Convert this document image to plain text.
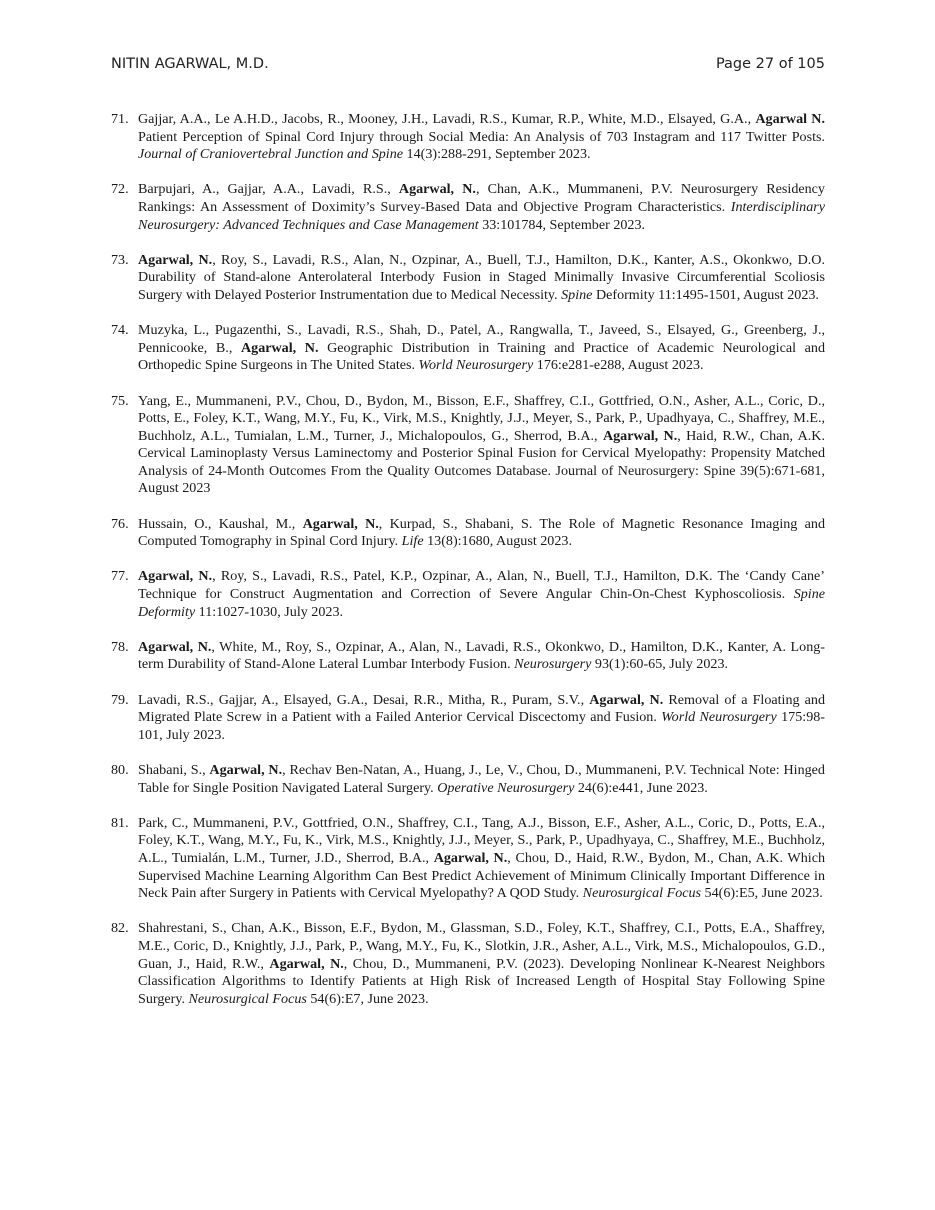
NITIN AGARWAL, M.D.	Page 27 of 105
71. Gajjar, A.A., Le A.H.D., Jacobs, R., Mooney, J.H., Lavadi, R.S., Kumar, R.P., White, M.D., Elsayed, G.A., Agarwal N. Patient Perception of Spinal Cord Injury through Social Media: An Analysis of 703 Instagram and 117 Twitter Posts. Journal of Craniovertebral Junction and Spine 14(3):288-291, September 2023.
72. Barpujari, A., Gajjar, A.A., Lavadi, R.S., Agarwal, N., Chan, A.K., Mummaneni, P.V. Neurosurgery Residency Rankings: An Assessment of Doximity’s Survey-Based Data and Objective Program Characteristics. Interdisciplinary Neurosurgery: Advanced Techniques and Case Management 33:101784, September 2023.
73. Agarwal, N., Roy, S., Lavadi, R.S., Alan, N., Ozpinar, A., Buell, T.J., Hamilton, D.K., Kanter, A.S., Okonkwo, D.O. Durability of Stand-alone Anterolateral Interbody Fusion in Staged Minimally Invasive Circumferential Scoliosis Surgery with Delayed Posterior Instrumentation due to Medical Necessity. Spine Deformity 11:1495-1501, August 2023.
74. Muzyka, L., Pugazenthi, S., Lavadi, R.S., Shah, D., Patel, A., Rangwalla, T., Javeed, S., Elsayed, G., Greenberg, J., Pennicooke, B., Agarwal, N. Geographic Distribution in Training and Practice of Academic Neurological and Orthopedic Spine Surgeons in The United States. World Neurosurgery 176:e281-e288, August 2023.
75. Yang, E., Mummaneni, P.V., Chou, D., Bydon, M., Bisson, E.F., Shaffrey, C.I., Gottfried, O.N., Asher, A.L., Coric, D., Potts, E., Foley, K.T., Wang, M.Y., Fu, K., Virk, M.S., Knightly, J.J., Meyer, S., Park, P., Upadhyaya, C., Shaffrey, M.E., Buchholz, A.L., Tumialan, L.M., Turner, J., Michalopoulos, G., Sherrod, B.A., Agarwal, N., Haid, R.W., Chan, A.K. Cervical Laminoplasty Versus Laminectomy and Posterior Spinal Fusion for Cervical Myelopathy: Propensity Matched Analysis of 24-Month Outcomes From the Quality Outcomes Database. Journal of Neurosurgery: Spine 39(5):671-681, August 2023
76. Hussain, O., Kaushal, M., Agarwal, N., Kurpad, S., Shabani, S. The Role of Magnetic Resonance Imaging and Computed Tomography in Spinal Cord Injury. Life 13(8):1680, August 2023.
77. Agarwal, N., Roy, S., Lavadi, R.S., Patel, K.P., Ozpinar, A., Alan, N., Buell, T.J., Hamilton, D.K. The ‘Candy Cane’ Technique for Construct Augmentation and Correction of Severe Angular Chin-On-Chest Kyphoscoliosis. Spine Deformity 11:1027-1030, July 2023.
78. Agarwal, N., White, M., Roy, S., Ozpinar, A., Alan, N., Lavadi, R.S., Okonkwo, D., Hamilton, D.K., Kanter, A. Long-term Durability of Stand-Alone Lateral Lumbar Interbody Fusion. Neurosurgery 93(1):60-65, July 2023.
79. Lavadi, R.S., Gajjar, A., Elsayed, G.A., Desai, R.R., Mitha, R., Puram, S.V., Agarwal, N. Removal of a Floating and Migrated Plate Screw in a Patient with a Failed Anterior Cervical Discectomy and Fusion. World Neurosurgery 175:98-101, July 2023.
80. Shabani, S., Agarwal, N., Rechav Ben-Natan, A., Huang, J., Le, V., Chou, D., Mummaneni, P.V. Technical Note: Hinged Table for Single Position Navigated Lateral Surgery. Operative Neurosurgery 24(6):e441, June 2023.
81. Park, C., Mummaneni, P.V., Gottfried, O.N., Shaffrey, C.I., Tang, A.J., Bisson, E.F., Asher, A.L., Coric, D., Potts, E.A., Foley, K.T., Wang, M.Y., Fu, K., Virk, M.S., Knightly, J.J., Meyer, S., Park, P., Upadhyaya, C., Shaffrey, M.E., Buchholz, A.L., Tumialán, L.M., Turner, J.D., Sherrod, B.A., Agarwal, N., Chou, D., Haid, R.W., Bydon, M., Chan, A.K. Which Supervised Machine Learning Algorithm Can Best Predict Achievement of Minimum Clinically Important Difference in Neck Pain after Surgery in Patients with Cervical Myelopathy? A QOD Study. Neurosurgical Focus 54(6):E5, June 2023.
82. Shahrestani, S., Chan, A.K., Bisson, E.F., Bydon, M., Glassman, S.D., Foley, K.T., Shaffrey, C.I., Potts, E.A., Shaffrey, M.E., Coric, D., Knightly, J.J., Park, P., Wang, M.Y., Fu, K., Slotkin, J.R., Asher, A.L., Virk, M.S., Michalopoulos, G.D., Guan, J., Haid, R.W., Agarwal, N., Chou, D., Mummaneni, P.V. (2023). Developing Nonlinear K-Nearest Neighbors Classification Algorithms to Identify Patients at High Risk of Increased Length of Hospital Stay Following Spine Surgery. Neurosurgical Focus 54(6):E7, June 2023.
